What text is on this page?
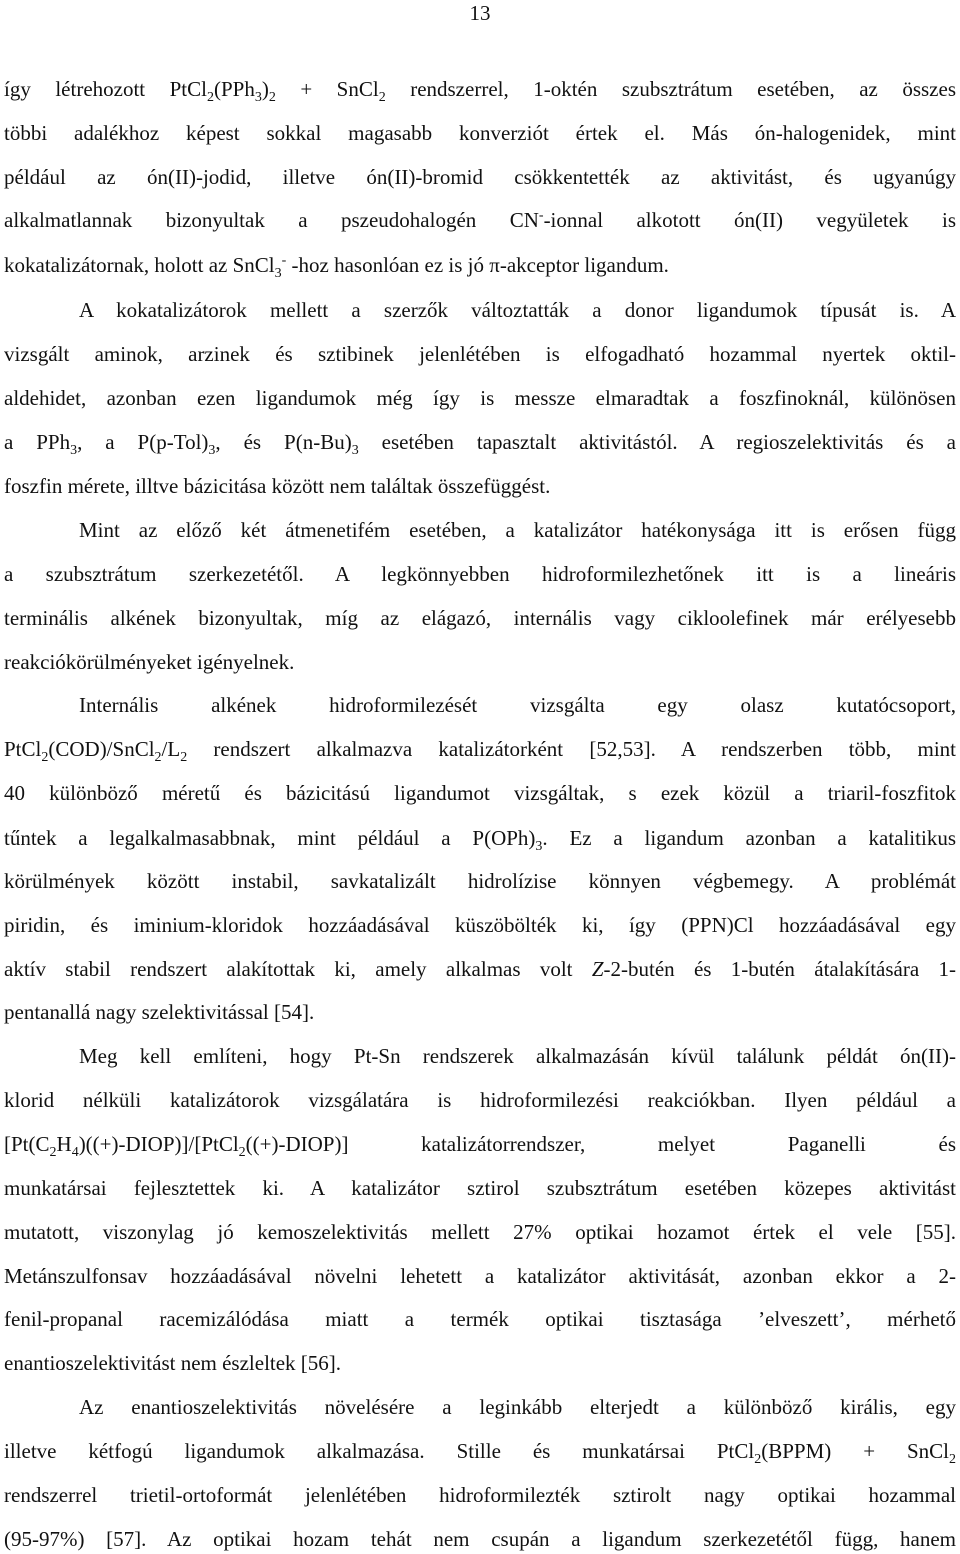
13
így létrehozott $PtCl_2(PPh_3)_2$ + SnCl$_2$ rendszerrel, 1-oktén szubsztrátum esetében, az összes
többi adalékhoz képest sokkal magasabb konverziót értek el. Más ón-halogenidek, mint
például az ón(II)-jodid, illetve ón(II)-bromid csökkentették az aktivitást, és ugyanúgy
alkalmatlannak bizonyultak a pszeudohalogén CN--ionnal alkotott ón(II) vegyületek is
kokatalizátornak, holott az SnCl$_3$- -hoz hasonlóan ez is jó π-akceptor ligandum.
A kokatalizátorok mellett a szerzők változtatták a donor ligandumok típusát is. A
vizsgált aminok, arzinek és sztibinek jelenlétében is elfogadható hozammal nyertek oktil-
aldehidet, azonban ezen ligandumok még így is messze elmaradtak a foszfinoknál, különösen
a PPh$_3$, a $P(p-Tol)_3$, és $P(n-Bu)_3$ esetében tapasztalt aktivitástól. A regioszelektivitás és a
foszfin mérete, illtve bázicitása között nem találtak összefüggést.
Mint az előző két átmenetifém esetében, a katalizátor hatékonysága itt is erősen függ
a szubsztrátum szerkezetétől. A legkönnyebben hidroformilezhetőnek itt is a lineáris
terminális alkének bizonyultak, míg az elágazó, internális vagy cikloolefinek már erélyesebb
reakciókörülményeket igényelnek.
Internális alkének hidroformilezését vizsgálta egy olasz kutatócsoport,
$PtCl_2(COD)/SnCl_2/L_2$ rendszert alkalmazva katalizátorként [52,53]. A rendszerben több, mint
40 különböző méretű és bázicitású ligandumot vizsgáltak, s ezek közül a triaril-foszfitok
tűntek a legalkalmasabbnak, mint például a $P(OPh)_3$. Ez a ligandum azonban a katalitikus
körülmények között instabil, savkatalizált hidrolízise könnyen végbemegy. A problémát
piridin, és iminium-kloridok hozzáadásával küszöbölték ki, így (PPN)Cl hozzáadásával egy
aktív stabil rendszert alakítottak ki, amely alkalmas volt Z-2-butén és 1-butén átalakítására 1-
pentanallá nagy szelektivitással [54].
Meg kell említeni, hogy Pt-Sn rendszerek alkalmazásán kívül találunk példát ón(II)-
klorid nélküli katalizátorok vizsgálatára is hidroformilezési reakciókban. Ilyen például a
$[Pt(C_2H_4)((+)-DIOP)]/[PtCl_2((+)-DIOP)]$ katalizátorrendszer, melyet Paganelli és
munkatársai fejlesztettek ki. A katalizátor sztirol szubsztrátum esetében közepes aktivitást
mutatott, viszonylag jó kemoszelektivitás mellett 27% optikai hozamot értek el vele [55].
Metánszulfonsav hozzáadásával növelni lehetett a katalizátor aktivitását, azonban ekkor a 2-
fenil-propanal racemizálódása miatt a termék optikai tisztasága ’elveszett’, mérhető
enantioszelektivitást nem észleltek [56].
Az enantioszelektivitás növelésére a leginkább elterjedt a különböző királis, egy
illetve kétfogú ligandumok alkalmazása. Stille és munkatársai PtCl$_2$(BPPM) + SnCl$_2$
rendszerrel trietil-ortoformát jelenlétében hidroformilezték sztirolt nagy optikai hozammal
(95-97%) [57]. Az optikai hozam tehát nem csupán a ligandum szerkezetétől függ, hanem
